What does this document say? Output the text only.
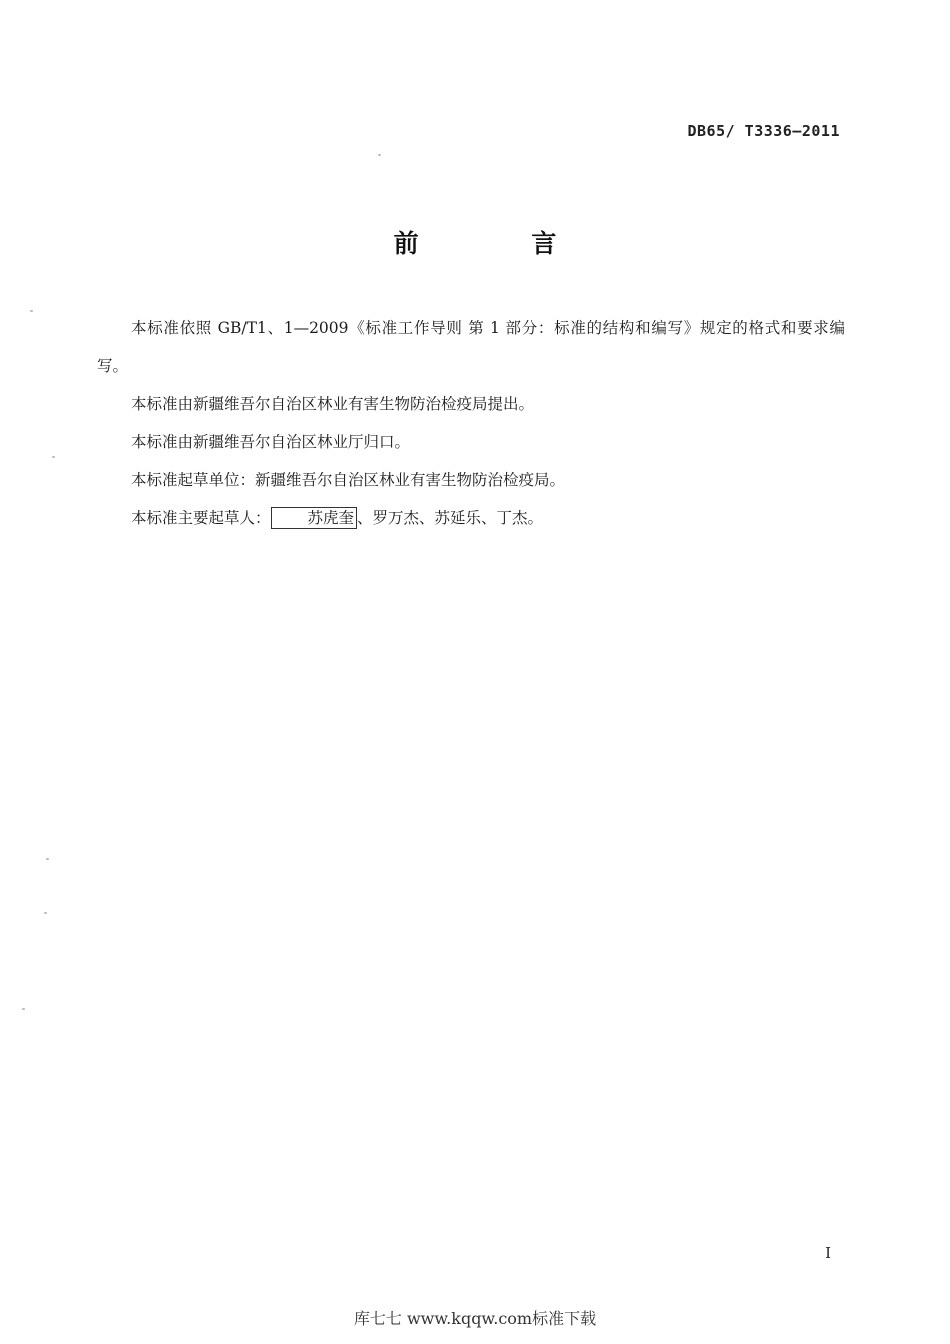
DB65/ T3336—2011
前 言

本标准依照 GB/T1、1—2009《标准工作导则 第 1 部分：标准的结构和编写》规定的格式和要求编写。

本标准由新疆维吾尔自治区林业有害生物防治检疫局提出。

本标准由新疆维吾尔自治区林业厅归口。

本标准起草单位：新疆维吾尔自治区林业有害生物防治检疫局。

本标准主要起草人： 苏虎奎 、罗万杰、苏延乐、丁杰。

I
库七七 www.kqqw.com标准下载
